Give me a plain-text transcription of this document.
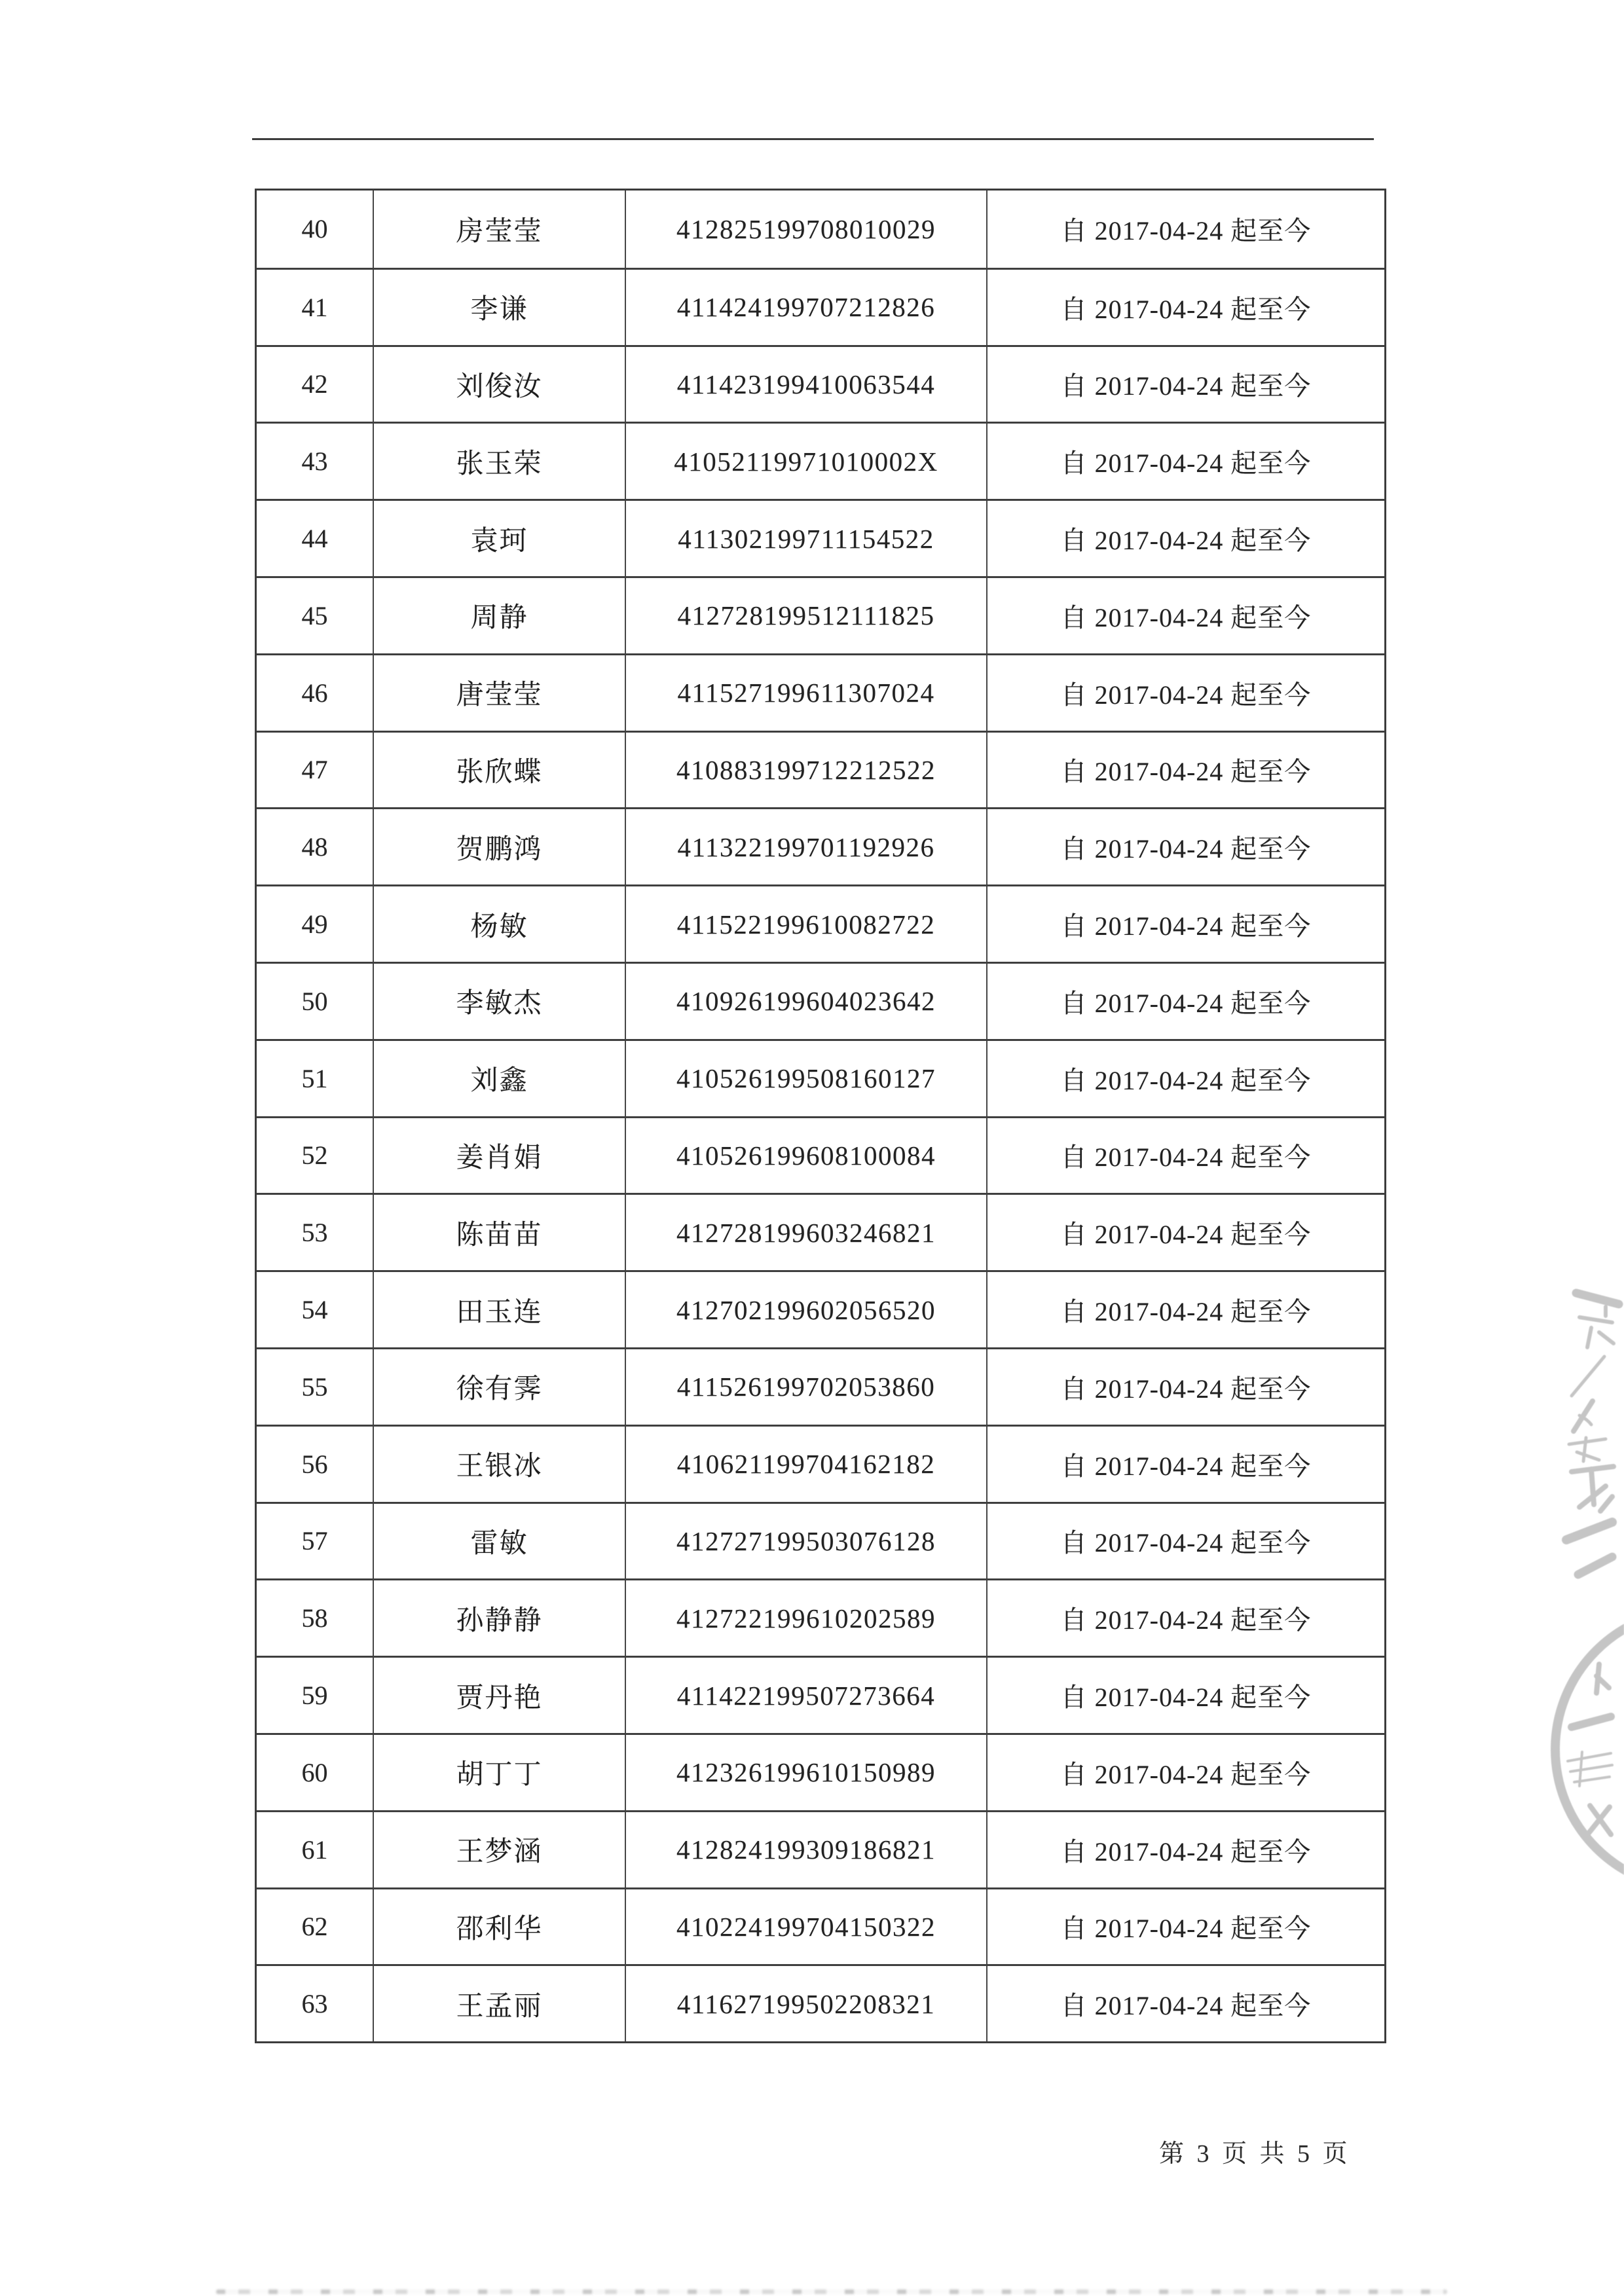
40	房莹莹	412825199708010029	自 2017-04-24 起至今
41	李谦	411424199707212826	自 2017-04-24 起至今
42	刘俊汝	411423199410063544	自 2017-04-24 起至今
43	张玉荣	41052119971010002X	自 2017-04-24 起至今
44	袁珂	411302199711154522	自 2017-04-24 起至今
45	周静	412728199512111825	自 2017-04-24 起至今
46	唐莹莹	411527199611307024	自 2017-04-24 起至今
47	张欣蝶	410883199712212522	自 2017-04-24 起至今
48	贺鹏鸿	411322199701192926	自 2017-04-24 起至今
49	杨敏	411522199610082722	自 2017-04-24 起至今
50	李敏杰	410926199604023642	自 2017-04-24 起至今
51	刘鑫	410526199508160127	自 2017-04-24 起至今
52	姜肖娟	410526199608100084	自 2017-04-24 起至今
53	陈苗苗	412728199603246821	自 2017-04-24 起至今
54	田玉连	412702199602056520	自 2017-04-24 起至今
55	徐有霁	411526199702053860	自 2017-04-24 起至今
56	王银冰	410621199704162182	自 2017-04-24 起至今
57	雷敏	412727199503076128	自 2017-04-24 起至今
58	孙静静	412722199610202589	自 2017-04-24 起至今
59	贾丹艳	411422199507273664	自 2017-04-24 起至今
60	胡丁丁	412326199610150989	自 2017-04-24 起至今
61	王梦涵	412824199309186821	自 2017-04-24 起至今
62	邵利华	410224199704150322	自 2017-04-24 起至今
63	王孟丽	411627199502208321	自 2017-04-24 起至今
第 3 页 共 5 页
